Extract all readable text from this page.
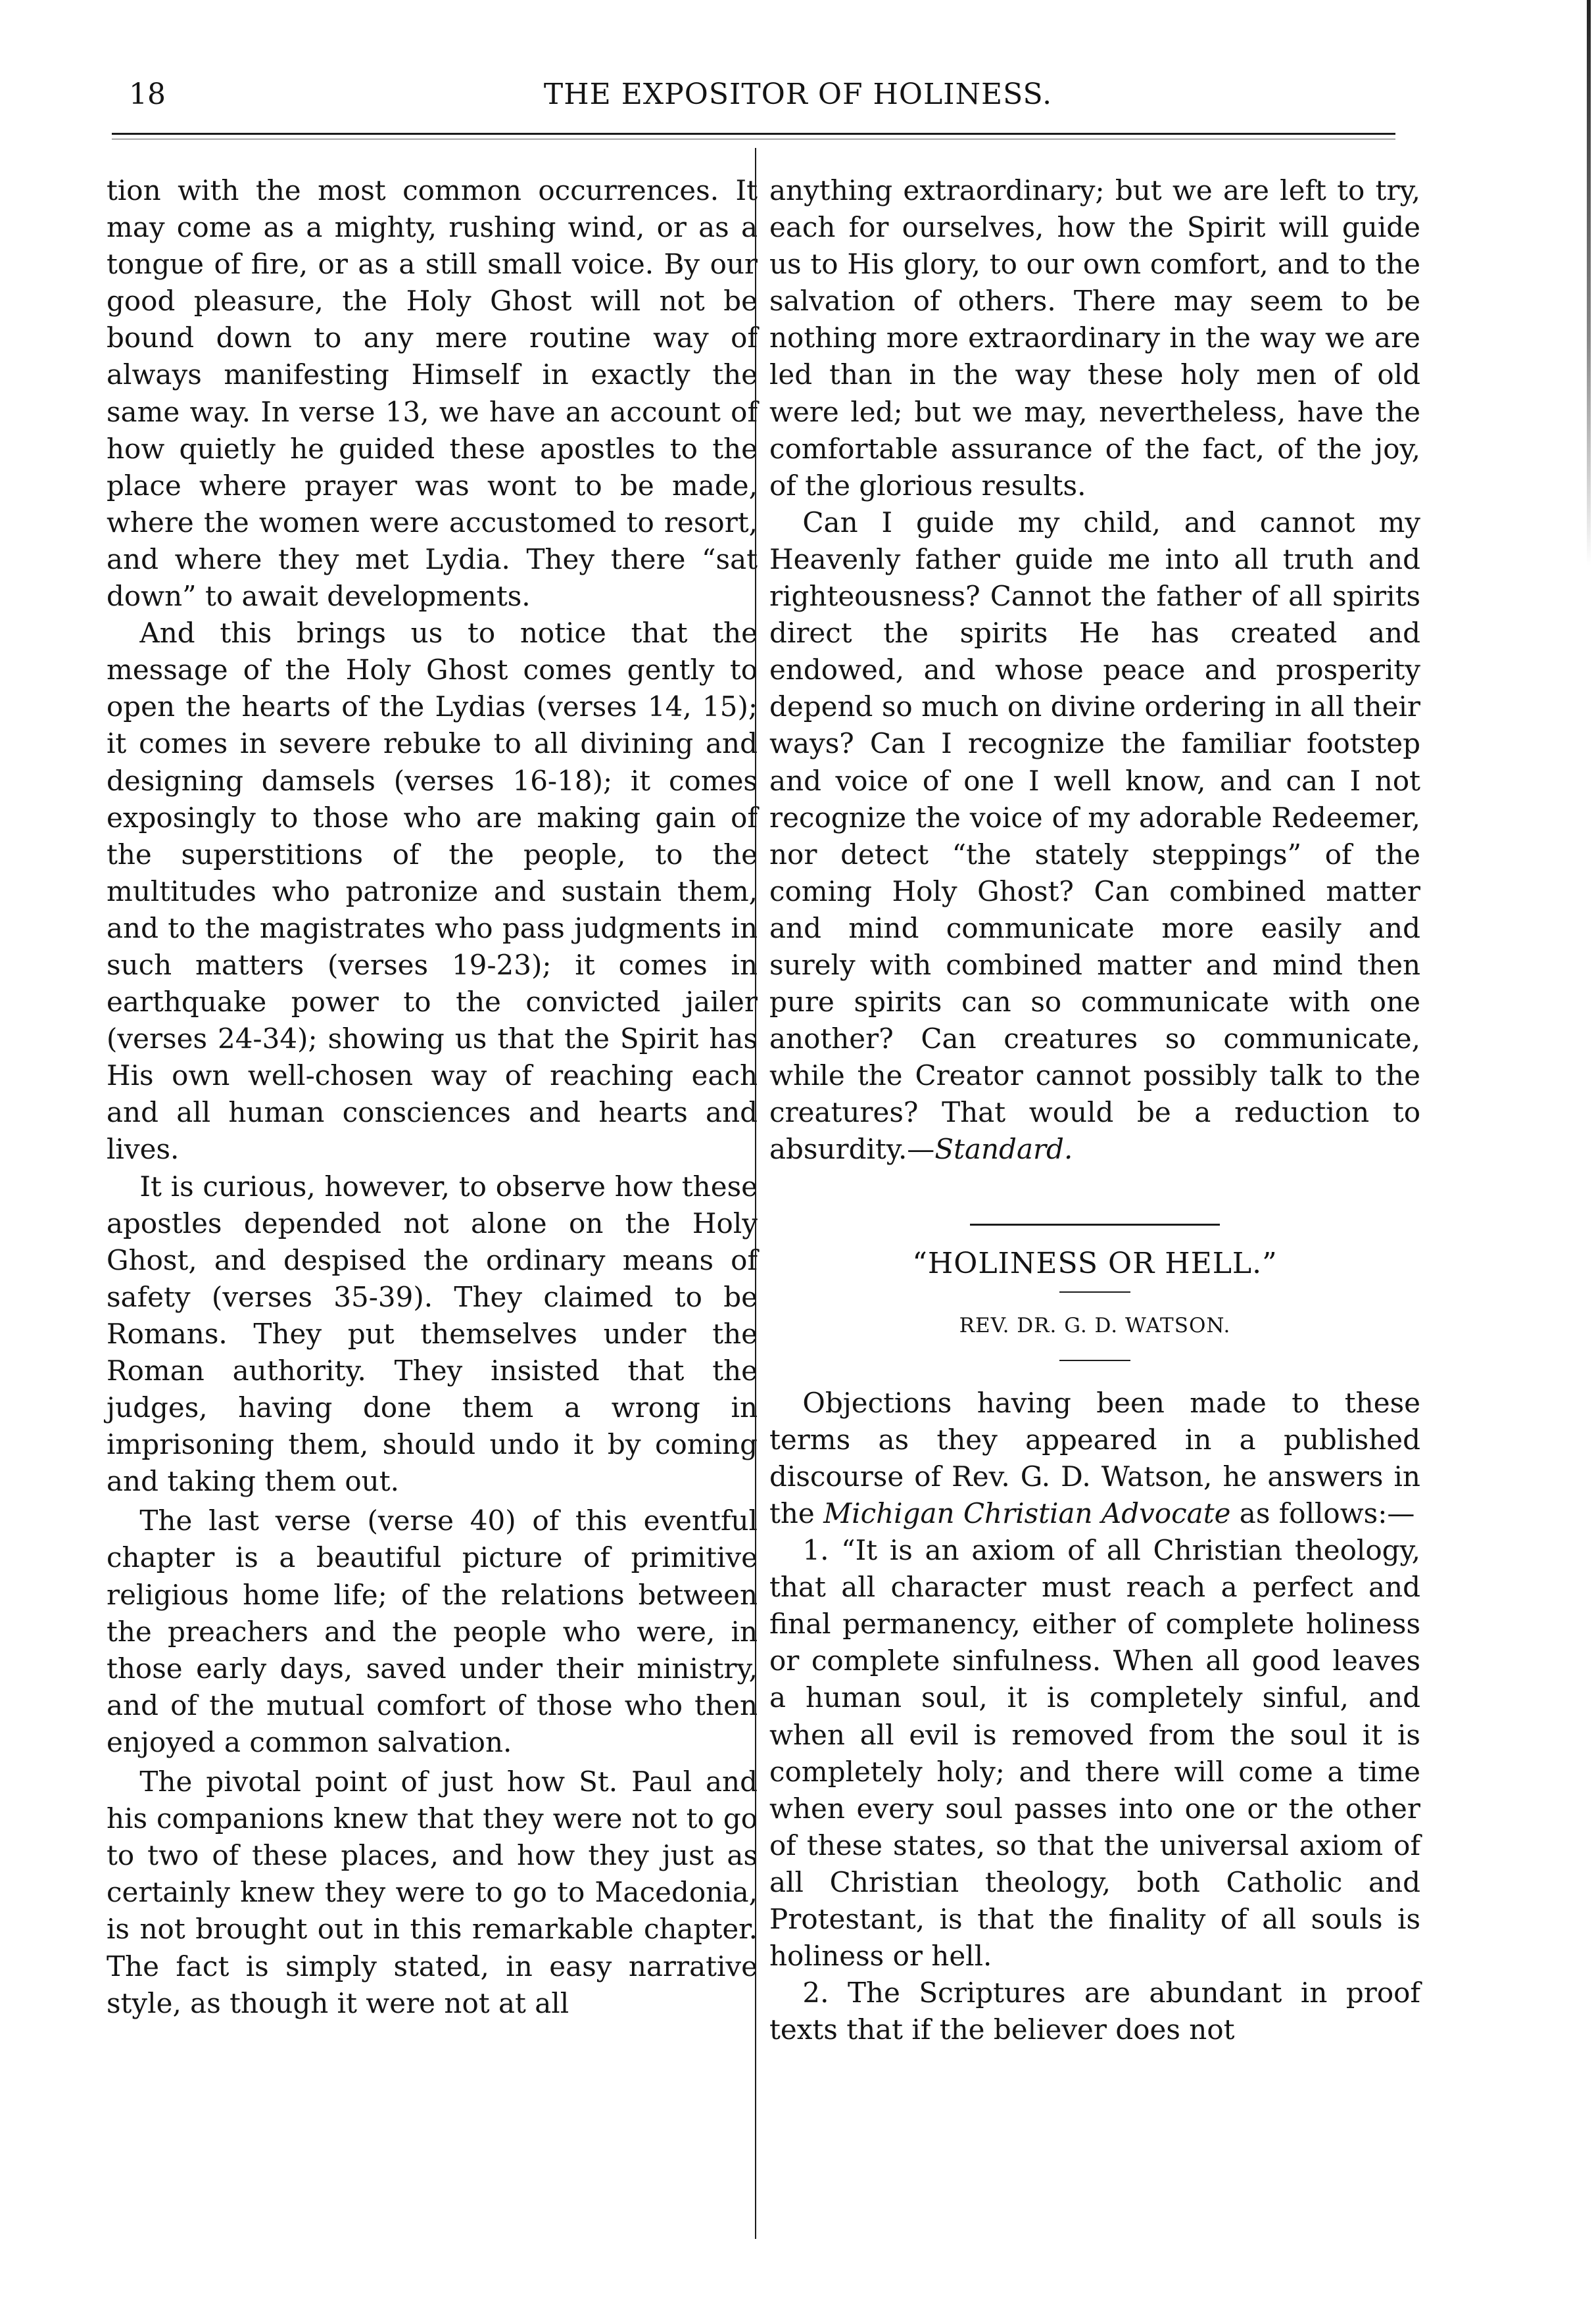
18	THE EXPOSITOR OF HOLINESS.

tion with the most common occurrences. It may come as a mighty, rushing wind, or as a tongue of fire, or as a still small voice. By our good pleasure, the Holy Ghost will not be bound down to any mere routine way of always manifesting Himself in exactly the same way. In verse 13, we have an account of how quietly he guided these apostles to the place where prayer was wont to be made, where the women were accustomed to resort, and where they met Lydia. They there “sat down” to await developments.

And this brings us to notice that the message of the Holy Ghost comes gently to open the hearts of the Lydias (verses 14, 15); it comes in severe rebuke to all divining and designing damsels (verses 16-18); it comes exposingly to those who are making gain of the superstitions of the people, to the multitudes who patronize and sustain them, and to the magistrates who pass judgments in such matters (verses 19-23); it comes in earthquake power to the convicted jailer (verses 24-34); showing us that the Spirit has His own well-chosen way of reaching each and all human consciences and hearts and lives.

It is curious, however, to observe how these apostles depended not alone on the Holy Ghost, and despised the ordinary means of safety (verses 35-39). They claimed to be Romans. They put themselves under the Roman authority. They insisted that the judges, having done them a wrong in imprisoning them, should undo it by coming and taking them out.

The last verse (verse 40) of this eventful chapter is a beautiful picture of primitive religious home life; of the relations between the preachers and the people who were, in those early days, saved under their ministry, and of the mutual comfort of those who then enjoyed a common salvation.

The pivotal point of just how St. Paul and his companions knew that they were not to go to two of these places, and how they just as certainly knew they were to go to Macedonia, is not brought out in this remarkable chapter. The fact is simply stated, in easy narrative style, as though it were not at all

anything extraordinary; but we are left to try, each for ourselves, how the Spirit will guide us to His glory, to our own comfort, and to the salvation of others. There may seem to be nothing more extraordinary in the way we are led than in the way these holy men of old were led; but we may, nevertheless, have the comfortable assurance of the fact, of the joy, of the glorious results.

Can I guide my child, and cannot my Heavenly father guide me into all truth and righteousness? Cannot the father of all spirits direct the spirits He has created and endowed, and whose peace and prosperity depend so much on divine ordering in all their ways? Can I recognize the familiar footstep and voice of one I well know, and can I not recognize the voice of my adorable Redeemer, nor detect “the stately steppings” of the coming Holy Ghost? Can combined matter and mind communicate more easily and surely with combined matter and mind then pure spirits can so communicate with one another? Can creatures so communicate, while the Creator cannot possibly talk to the creatures? That would be a reduction to absurdity.—Standard.

“HOLINESS OR HELL.”
REV. DR. G. D. WATSON.

Objections having been made to these terms as they appeared in a published discourse of Rev. G. D. Watson, he answers in the Michigan Christian Advocate as follows:—

1. “It is an axiom of all Christian theology, that all character must reach a perfect and final permanency, either of complete holiness or complete sinfulness. When all good leaves a human soul, it is completely sinful, and when all evil is removed from the soul it is completely holy; and there will come a time when every soul passes into one or the other of these states, so that the universal axiom of all Christian theology, both Catholic and Protestant, is that the finality of all souls is holiness or hell.

2. The Scriptures are abundant in proof texts that if the believer does not
